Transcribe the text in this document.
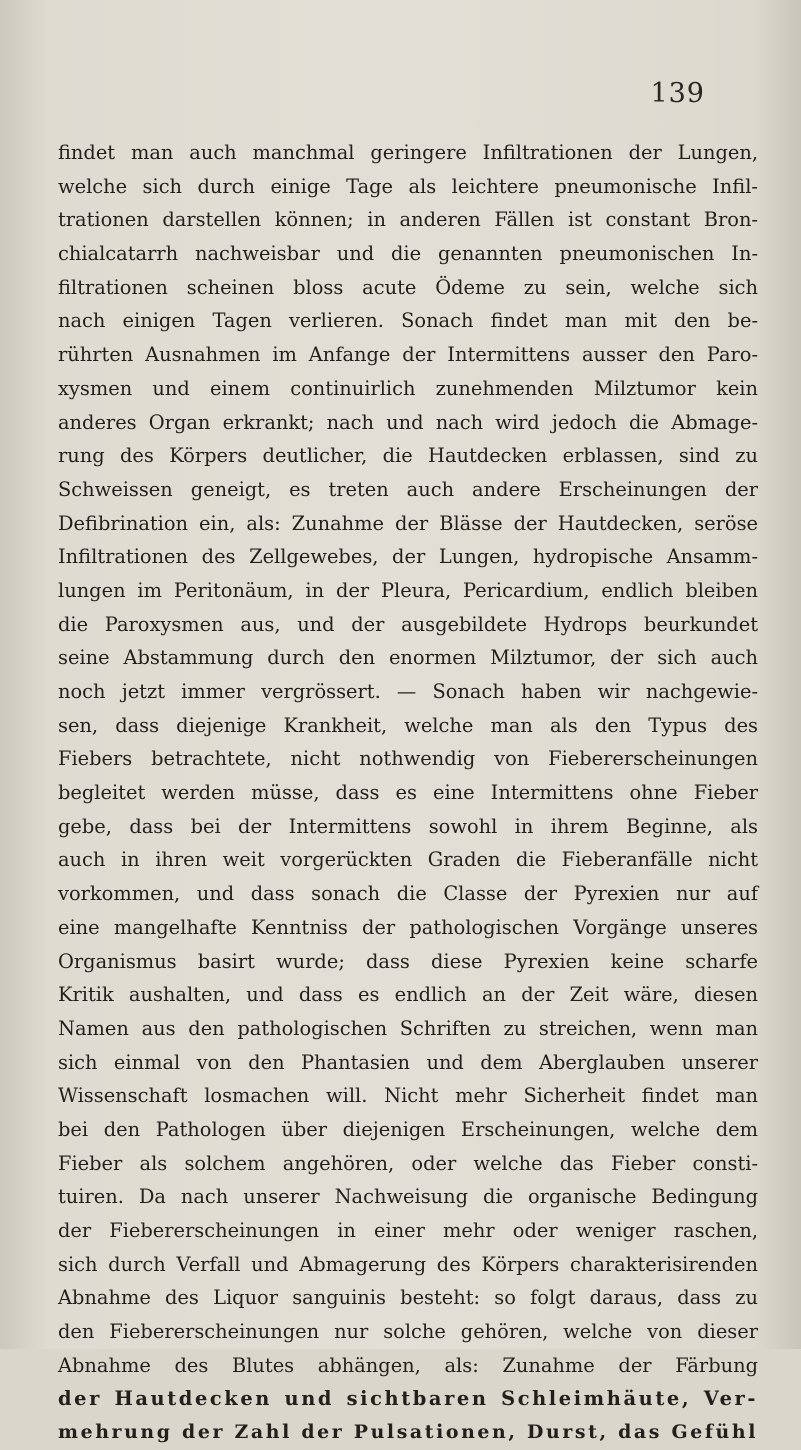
139
findet man auch manchmal geringere Infiltrationen der Lungen,
welche sich durch einige Tage als leichtere pneumonische Infil-
trationen darstellen können; in anderen Fällen ist constant Bron-
chialcatarrh nachweisbar und die genannten pneumonischen In-
filtrationen scheinen bloss acute Ödeme zu sein, welche sich
nach einigen Tagen verlieren. Sonach findet man mit den be-
rührten Ausnahmen im Anfange der Intermittens ausser den Paro-
xysmen und einem continuirlich zunehmenden Milztumor kein
anderes Organ erkrankt; nach und nach wird jedoch die Abmage-
rung des Körpers deutlicher, die Hautdecken erblassen, sind zu
Schweissen geneigt, es treten auch andere Erscheinungen der
Defibrination ein, als: Zunahme der Blässe der Hautdecken, seröse
Infiltrationen des Zellgewebes, der Lungen, hydropische Ansamm-
lungen im Peritonäum, in der Pleura, Pericardium, endlich bleiben
die Paroxysmen aus, und der ausgebildete Hydrops beurkundet
seine Abstammung durch den enormen Milztumor, der sich auch
noch jetzt immer vergrössert. — Sonach haben wir nachgewie-
sen, dass diejenige Krankheit, welche man als den Typus des
Fiebers betrachtete, nicht nothwendig von Fiebererscheinungen
begleitet werden müsse, dass es eine Intermittens ohne Fieber
gebe, dass bei der Intermittens sowohl in ihrem Beginne, als
auch in ihren weit vorgerückten Graden die Fieberanfälle nicht
vorkommen, und dass sonach die Classe der Pyrexien nur auf
eine mangelhafte Kenntniss der pathologischen Vorgänge unseres
Organismus basirt wurde; dass diese Pyrexien keine scharfe
Kritik aushalten, und dass es endlich an der Zeit wäre, diesen
Namen aus den pathologischen Schriften zu streichen, wenn man
sich einmal von den Phantasien und dem Aberglauben unserer
Wissenschaft losmachen will. Nicht mehr Sicherheit findet man
bei den Pathologen über diejenigen Erscheinungen, welche dem
Fieber als solchem angehören, oder welche das Fieber consti-
tuiren. Da nach unserer Nachweisung die organische Bedingung
der Fiebererscheinungen in einer mehr oder weniger raschen,
sich durch Verfall und Abmagerung des Körpers charakterisirenden
Abnahme des Liquor sanguinis besteht: so folgt daraus, dass zu
den Fiebererscheinungen nur solche gehören, welche von dieser
Abnahme des Blutes abhängen, als: Zunahme der Färbung
der Hautdecken und sichtbaren Schleimhäute, Ver-
mehrung der Zahl der Pulsationen, Durst, das Gefühl
